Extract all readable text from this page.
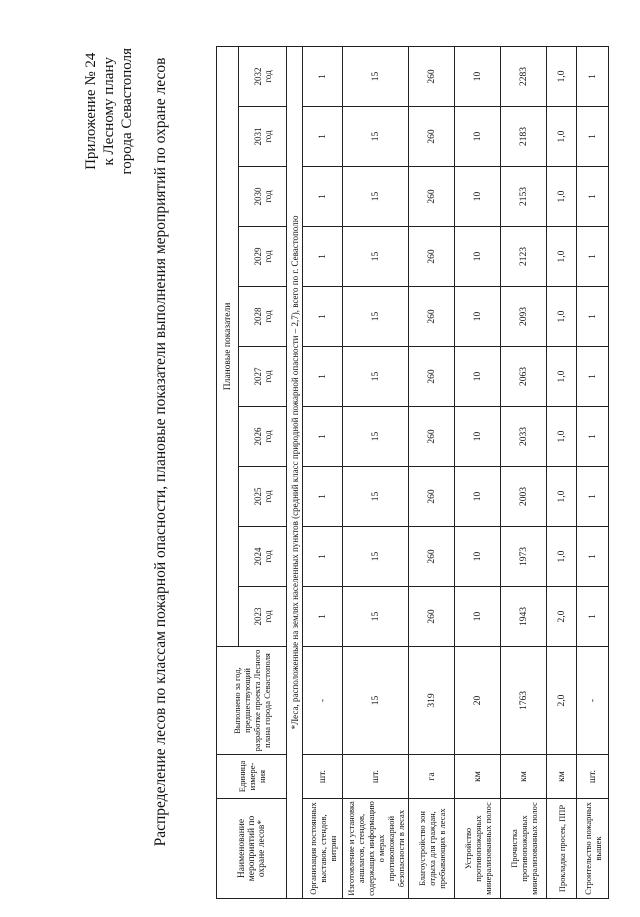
Приложение № 24 к Лесному плану города Севастополя Распределение лесов по классам пожарной опасности, плановые показатели выполнения мероприятий по охране лесов
Наименование мероприятий по охране лесов*	Единица измере-ния	Выполнено за год, предшествующий разработке проекта Лесного плана города Севастополя	Плановые показатели									

			2023 год	2024 год	2025 год	2026 год	2027 год	2028 год	2029 год	2030 год	2031 год	2032 год

*Леса, расположенные на землях населенных пунктов (средний класс природной пожарной опасности – 2,7), всего по г. Севастополю												
Организация постоянных выставок, стендов, витрин	шт.	-	1	1	1	1	1	1	1	1	1	1
Изготовление и установка аншлагов, стендов, содержащих информацию о мерах противопожарной безопасности в лесах	шт.	15	15	15	15	15	15	15	15	15	15	15
Благоустройство зон отдыха для граждан, пребывающих в лесах	га	319	260	260	260	260	260	260	260	260	260	260
Устройство противопожарных минерализованных полос	км	20	10	10	10	10	10	10	10	10	10	10
Прочистка противопожарных минерализованных полос	км	1763	1943	1973	2003	2033	2063	2093	2123	2153	2183	2283
Прокладка просек, ППР	км	2,0	2,0	1,0	1,0	1,0	1,0	1,0	1,0	1,0	1,0	1,0
Строительство пожарных вышек	шт.	-	1	1	1	1	1	1	1	1	1	1
